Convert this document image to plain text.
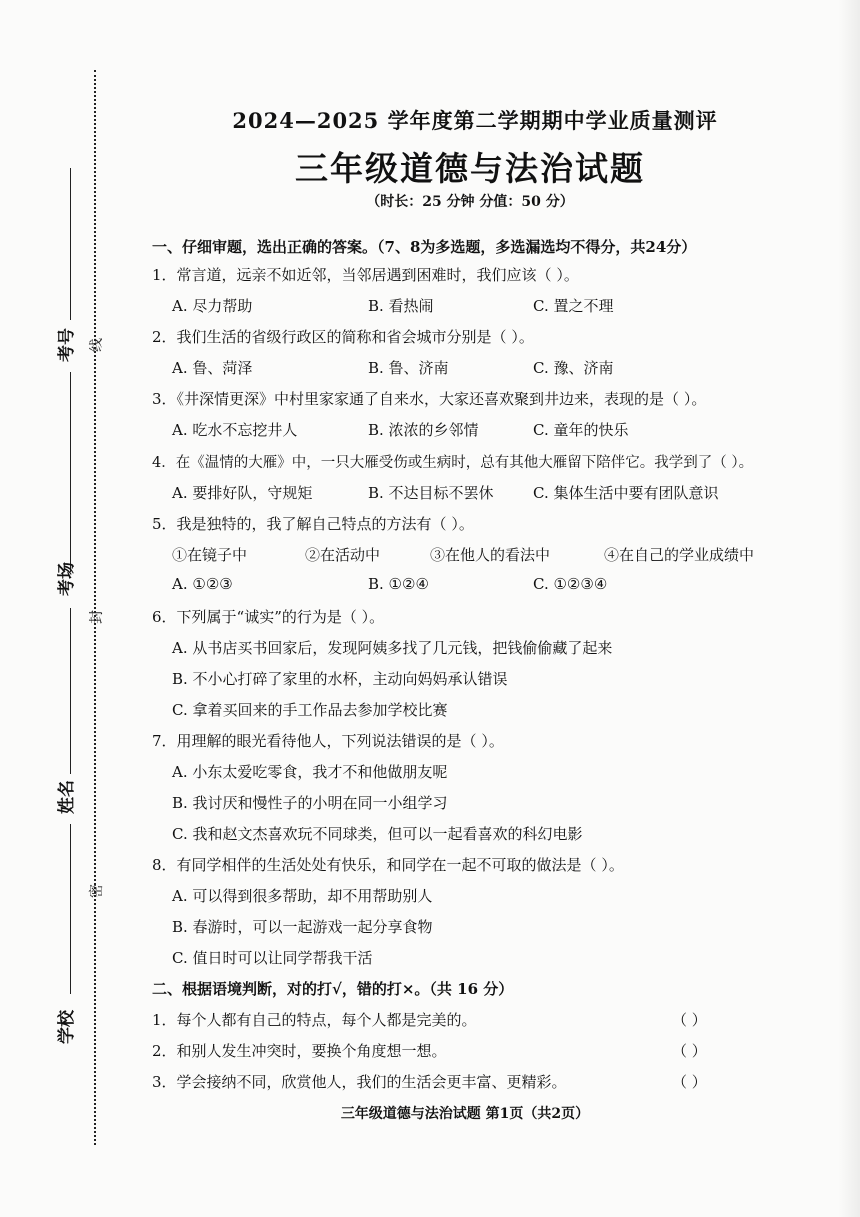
考号 线
考场
封
姓名
密
学校
2024—2025 学年度第二学期期中学业质量测评
三年级道德与法治试题
（时长：25 分钟 分值：50 分）
一、仔细审题，选出正确的答案。（7、8为多选题，多选漏选均不得分，共24分）
1．常言道，远亲不如近邻，当邻居遇到困难时，我们应该（ ）。
A. 尽力帮助	B. 看热闹	C. 置之不理
2．我们生活的省级行政区的简称和省会城市分别是（ ）。
A. 鲁、菏泽	B. 鲁、济南	C. 豫、济南
3．《井深情更深》中村里家家通了自来水，大家还喜欢聚到井边来，表现的是（ ）。
A. 吃水不忘挖井人	B. 浓浓的乡邻情	C. 童年的快乐
4．在《温情的大雁》中，一只大雁受伤或生病时，总有其他大雁留下陪伴它。我学到了（ ）。
A. 要排好队，守规矩	B. 不达目标不罢休	C. 集体生活中要有团队意识
5．我是独特的，我了解自己特点的方法有（ ）。
①在镜子中	②在活动中	③在他人的看法中	④在自己的学业成绩中
A. ①②③	B. ①②④	C. ①②③④
6．下列属于“诚实”的行为是（ ）。
A. 从书店买书回家后，发现阿姨多找了几元钱，把钱偷偷藏了起来
B. 不小心打碎了家里的水杯，主动向妈妈承认错误
C. 拿着买回来的手工作品去参加学校比赛
7．用理解的眼光看待他人，下列说法错误的是（ ）。
A. 小东太爱吃零食，我才不和他做朋友呢
B. 我讨厌和慢性子的小明在同一小组学习
C. 我和赵文杰喜欢玩不同球类，但可以一起看喜欢的科幻电影
8．有同学相伴的生活处处有快乐，和同学在一起不可取的做法是（ ）。
A. 可以得到很多帮助，却不用帮助别人
B. 春游时，可以一起游戏一起分享食物
C. 值日时可以让同学帮我干活
二、根据语境判断，对的打√，错的打×。（共 16 分）
1．每个人都有自己的特点，每个人都是完美的。	（ ）
2．和别人发生冲突时，要换个角度想一想。	（ ）
3．学会接纳不同，欣赏他人，我们的生活会更丰富、更精彩。	（ ）
三年级道德与法治试题 第1页（共2页）
